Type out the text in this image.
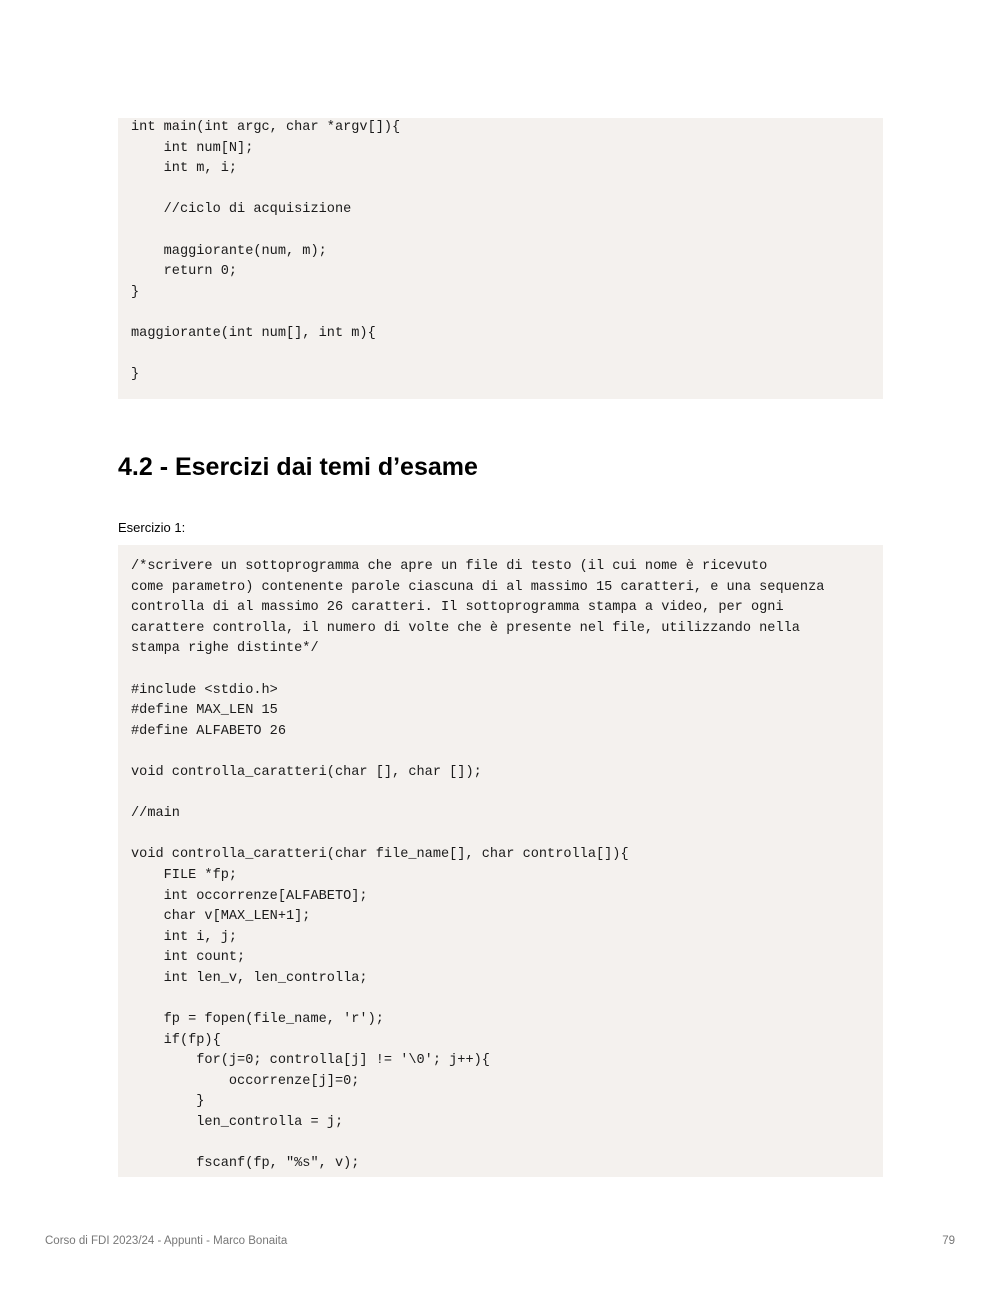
int main(int argc, char *argv[]){
int num[N];
int m, i;
//ciclo di acquisizione
maggiorante(num, m);
return 0;
}
maggiorante(int num[], int m){
}
4.2 - Esercizi dai temi d’esame

Esercizio 1:

/*scrivere un sottoprogramma che apre un file di testo (il cui nome è ricevuto
come parametro) contenente parole ciascuna di al massimo 15 caratteri, e una sequenza
controlla di al massimo 26 caratteri. Il sottoprogramma stampa a video, per ogni
carattere controlla, il numero di volte che è presente nel file, utilizzando nella
stampa righe distinte*/
#include <stdio.h>
#define MAX_LEN 15
#define ALFABETO 26
void controlla_caratteri(char [], char []);
//main
void controlla_caratteri(char file_name[], char controlla[]){
FILE *fp;
int occorrenze[ALFABETO];
char v[MAX_LEN+1];
int i, j;
int count;
int len_v, len_controlla;
fp = fopen(file_name, 'r');
if(fp){
for(j=0; controlla[j] != '\0'; j++){
occorrenze[j]=0;
}
len_controlla = j;
fscanf(fp, "%s", v);
Corso di FDI 2023/24 - Appunti - Marco Bonaita	79
